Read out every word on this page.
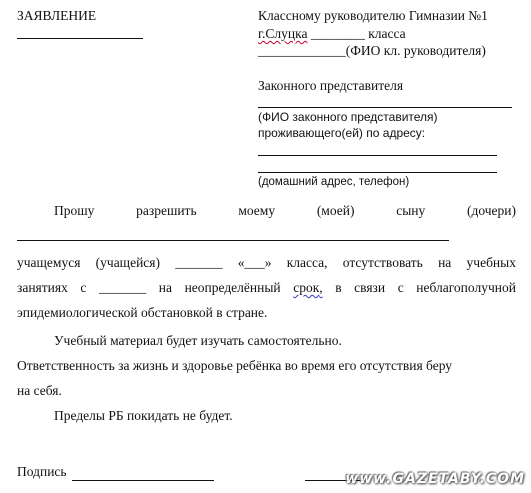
ЗАЯВЛЕНИЕ	Классному руководителю Гимназии №1
г.Слуцка ________ класса
_____________(ФИО кл. руководителя)
Законного представителя
(ФИО законного представителя)
проживающего(ей) по адресу:
(домашний адрес, телефон)
Прошу	разрешить	моему	(моей)	сыну	(дочери)
учащемуся (учащейся) _______ «___» класса, отсутствовать на учебных
занятиях с _______ на неопределённый срок, в связи с неблагополучной
эпидемиологической обстановкой в стране.
Учебный материал будет изучать самостоятельно.
Ответственность за жизнь и здоровье ребёнка во время его отсутствия беру
на себя.
Пределы РБ покидать не будет.
Подпись	www.GAZETABY.COM
